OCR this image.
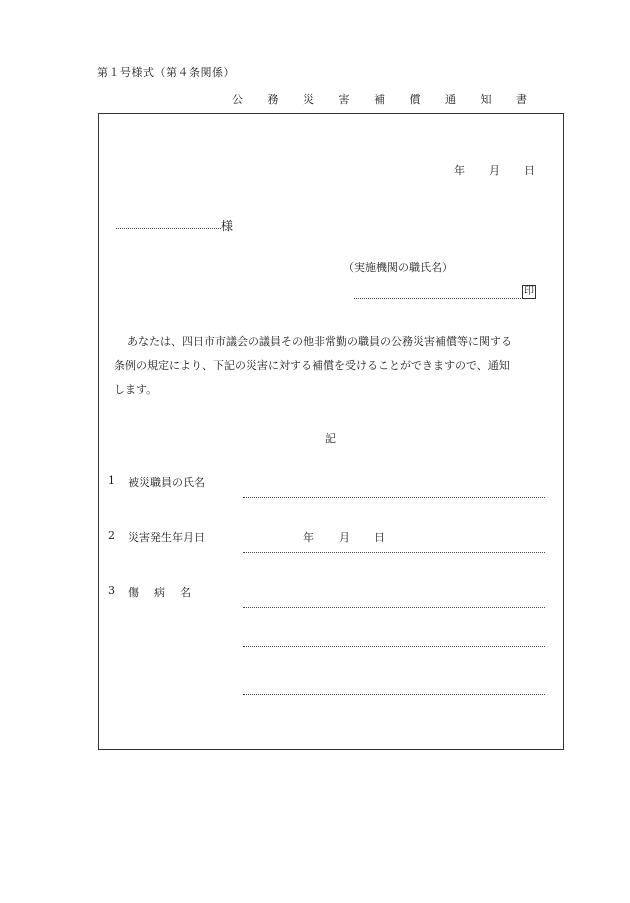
第１号様式（第４条関係）
公 務 災 害 補 償 通 知 書
年 月 日
様
（実施機関の職氏名）
印
あなたは、四日市市議会の議員その他非常勤の職員の公務災害補償等に関する
条例の規定により、下記の災害に対する補償を受けることができますので、通知
します。
記
1 被災職員の氏名
2 災害発生年月日	年 月 日
3 傷病名
